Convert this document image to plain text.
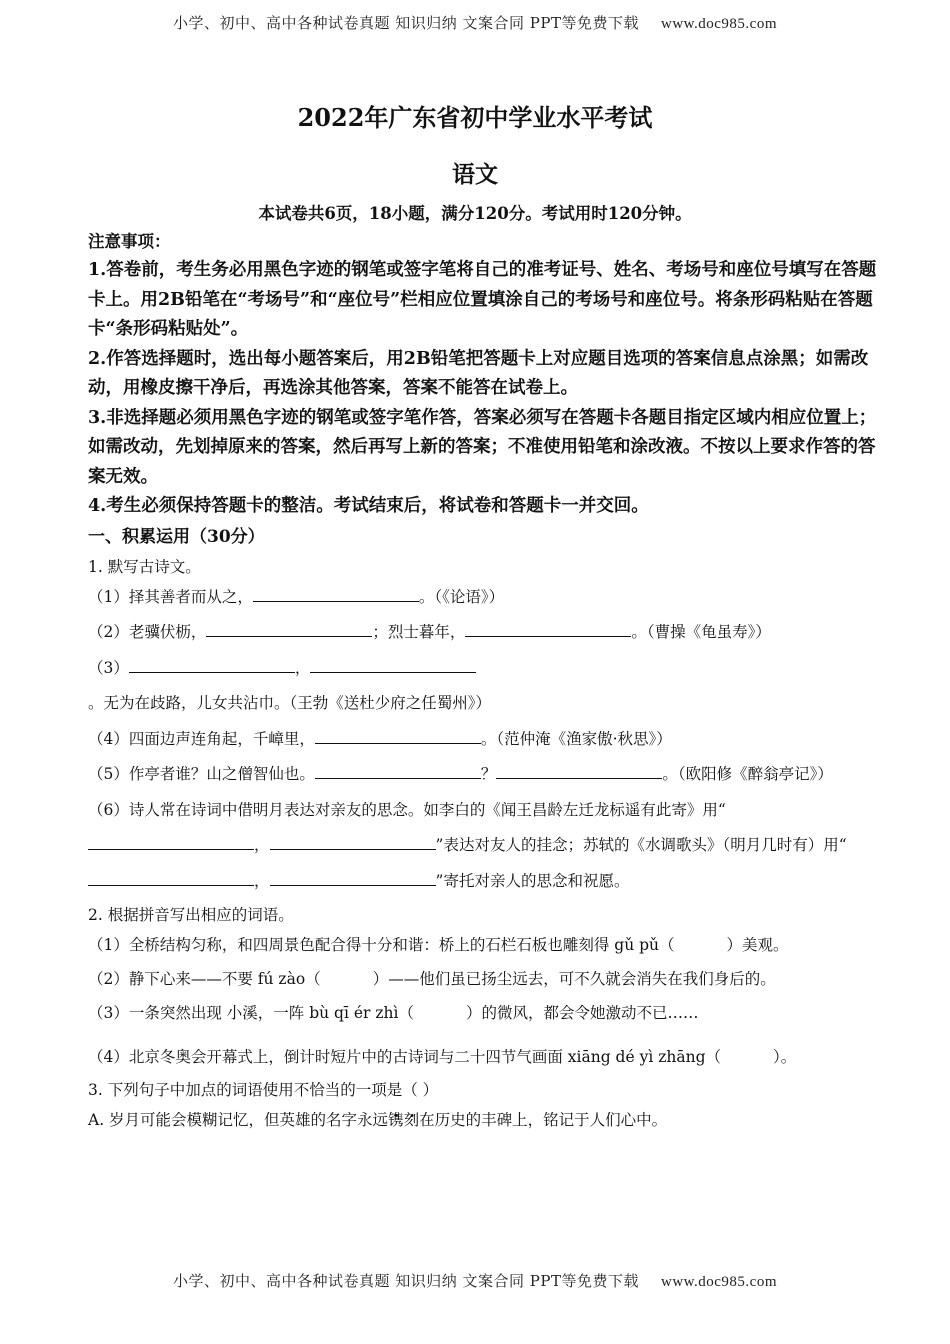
小学、初中、高中各种试卷真题 知识归纳 文案合同 PPT等免费下载 www.doc985.com
2022年广东省初中学业水平考试
语文
本试卷共6页，18小题，满分120分。考试用时120分钟。
注意事项：
1.答卷前，考生务必用黑色字迹的钢笔或签字笔将自己的准考证号、姓名、考场号和座位号填写在答题卡上。用2B铅笔在“考场号”和“座位号”栏相应位置填涂自己的考场号和座位号。将条形码粘贴在答题卡“条形码粘贴处”。
2.作答选择题时，选出每小题答案后，用2B铅笔把答题卡上对应题目选项的答案信息点涂黑；如需改动，用橡皮擦干净后，再选涂其他答案，答案不能答在试卷上。
3.非选择题必须用黑色字迹的钢笔或签字笔作答，答案必须写在答题卡各题目指定区域内相应位置上；如需改动，先划掉原来的答案，然后再写上新的答案；不准使用铅笔和涂改液。不按以上要求作答的答案无效。
4.考生必须保持答题卡的整洁。考试结束后，将试卷和答题卡一并交回。
一、积累运用（30分）
1. 默写古诗文。
（1）择其善者而从之，	。（《论语》）
（2）老骥伏枥，	；烈士暮年，	。（曹操《龟虽寿》）
（3）	，。无为在歧路，儿女共沾巾。（王勃《送杜少府之任蜀州》）
（4）四面边声连角起，千嶂里，	。（范仲淹《渔家傲·秋思》）
（5）作亭者谁？山之僧智仙也。	？	。（欧阳修《醉翁亭记》）
（6）诗人常在诗词中借明月表达对亲友的思念。如李白的《闻王昌龄左迁龙标遥有此寄》用“，	”表达对友人的挂念；苏轼的《水调歌头》（明月几时有）用“，	”寄托对亲人的思念和祝愿。
2. 根据拼音写出相应的词语。
（1）全桥结构匀称，和四周景色配合得十分和谐：桥上的石栏石板也雕刻得 gǔ pǔ（	）美观。
（2）静下心来——不要 fú zào（	）——他们虽已扬尘远去，可不久就会消失在我们身后的。
（3）一条突然出现 小溪，一阵 bù qī ér zhì（	）的微风，都会令她激动不已……
（4）北京冬奥会开幕式上，倒计时短片中的古诗词与二十四节气画面 xiāng dé yì zhāng（	）。
3. 下列句子中加点的词语使用不恰当的一项是（ ）
A. 岁月可能会模糊记忆，但英雄的名字永远镌刻在历史的丰碑上，铭记于人们心中。
小学、初中、高中各种试卷真题 知识归纳 文案合同 PPT等免费下载 www.doc985.com
